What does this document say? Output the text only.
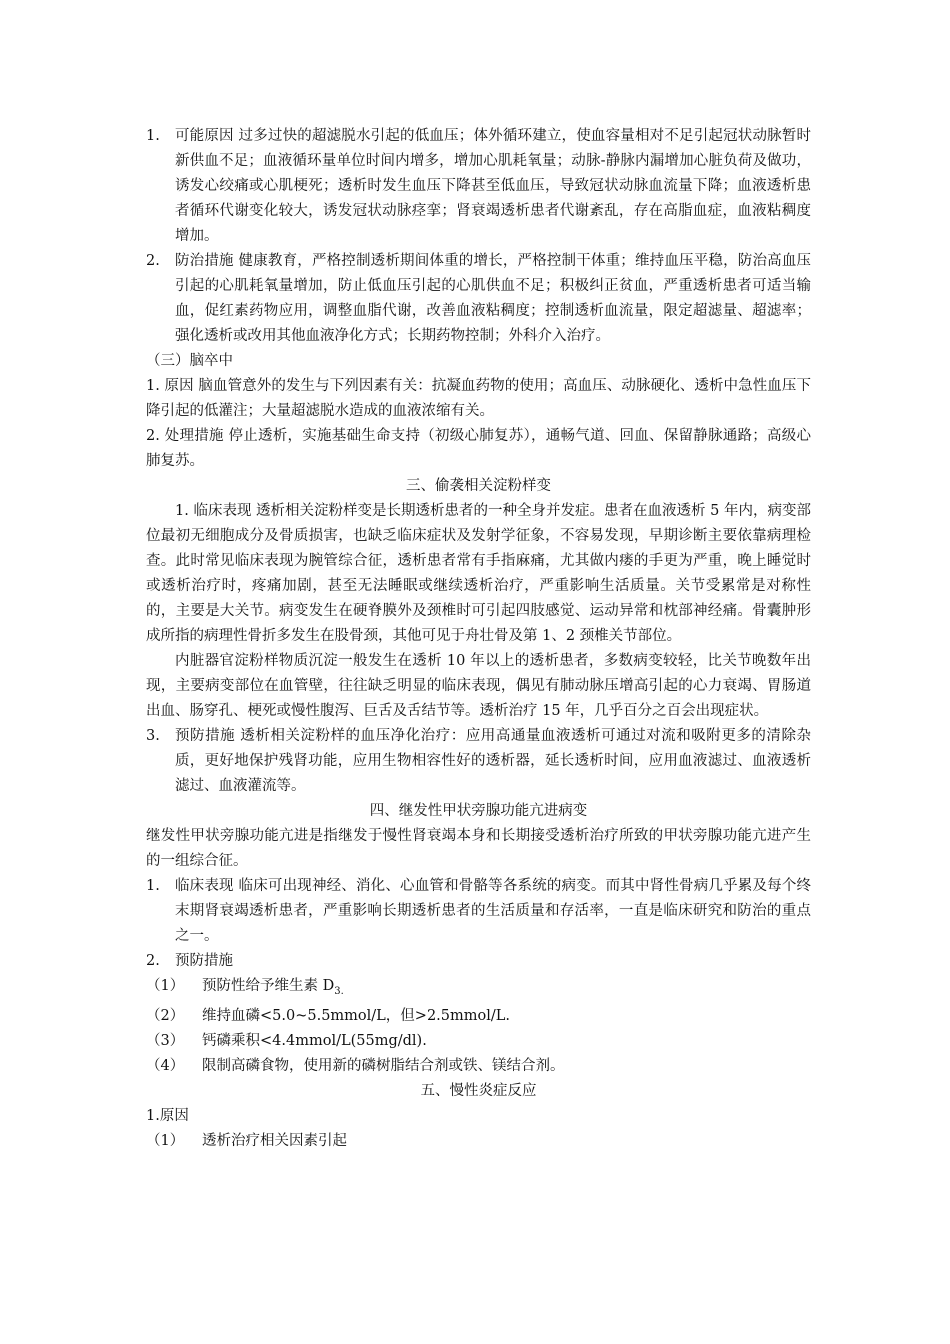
1.	可能原因 过多过快的超滤脱水引起的低血压；体外循环建立，使血容量相对不足引起冠状动脉暂时新供血不足；血液循环量单位时间内增多，增加心肌耗氧量；动脉-静脉内漏增加心脏负荷及做功，诱发心绞痛或心肌梗死；透析时发生血压下降甚至低血压，导致冠状动脉血流量下降；血液透析患者循环代谢变化较大，诱发冠状动脉痉挛；肾衰竭透析患者代谢紊乱，存在高脂血症，血液粘稠度增加。
2.	防治措施 健康教育，严格控制透析期间体重的增长，严格控制干体重；维持血压平稳，防治高血压引起的心肌耗氧量增加，防止低血压引起的心肌供血不足；积极纠正贫血，严重透析患者可适当输血，促红素药物应用，调整血脂代谢，改善血液粘稠度；控制透析血流量，限定超滤量、超滤率；强化透析或改用其他血液净化方式；长期药物控制；外科介入治疗。

（三）脑卒中

1. 原因 脑血管意外的发生与下列因素有关：抗凝血药物的使用；高血压、动脉硬化、透析中急性血压下降引起的低灌注；大量超滤脱水造成的血液浓缩有关。

2. 处理措施 停止透析，实施基础生命支持（初级心肺复苏），通畅气道、回血、保留静脉通路；高级心肺复苏。

三、偷袭相关淀粉样变

1. 临床表现 透析相关淀粉样变是长期透析患者的一种全身并发症。患者在血液透析 5 年内，病变部位最初无细胞成分及骨质损害，也缺乏临床症状及发射学征象，不容易发现，早期诊断主要依靠病理检查。此时常见临床表现为腕管综合征，透析患者常有手指麻痛，尤其做内瘘的手更为严重，晚上睡觉时或透析治疗时，疼痛加剧，甚至无法睡眠或继续透析治疗，严重影响生活质量。关节受累常是对称性的，主要是大关节。病变发生在硬脊膜外及颈椎时可引起四肢感觉、运动异常和枕部神经痛。骨囊肿形成所指的病理性骨折多发生在股骨颈，其他可见于舟壮骨及第 1、2 颈椎关节部位。

内脏器官淀粉样物质沉淀一般发生在透析 10 年以上的透析患者，多数病变较轻，比关节晚数年出现，主要病变部位在血管壁，往往缺乏明显的临床表现，偶见有肺动脉压增高引起的心力衰竭、胃肠道出血、肠穿孔、梗死或慢性腹泻、巨舌及舌结节等。透析治疗 15 年，几乎百分之百会出现症状。

3.	预防措施 透析相关淀粉样的血压净化治疗：应用高通量血液透析可通过对流和吸附更多的清除杂质，更好地保护残肾功能，应用生物相容性好的透析器，延长透析时间，应用血液滤过、血液透析滤过、血液灌流等。

四、继发性甲状旁腺功能亢进病变

继发性甲状旁腺功能亢进是指继发于慢性肾衰竭本身和长期接受透析治疗所致的甲状旁腺功能亢进产生的一组综合征。

1.	临床表现 临床可出现神经、消化、心血管和骨骼等各系统的病变。而其中肾性骨病几乎累及每个终末期肾衰竭透析患者，严重影响长期透析患者的生活质量和存活率，一直是临床研究和防治的重点之一。
2.	预防措施
（1）	预防性给予维生素 $D_{3.}$
（2）	维持血磷<5.0~5.5mmol/L，但>2.5mmol/L.
（3）	钙磷乘积<4.4mmol/L(55mg/dl).
（4）	限制高磷食物，使用新的磷树脂结合剂或铁、镁结合剂。

五、慢性炎症反应

1.原因

（1）	透析治疗相关因素引起
